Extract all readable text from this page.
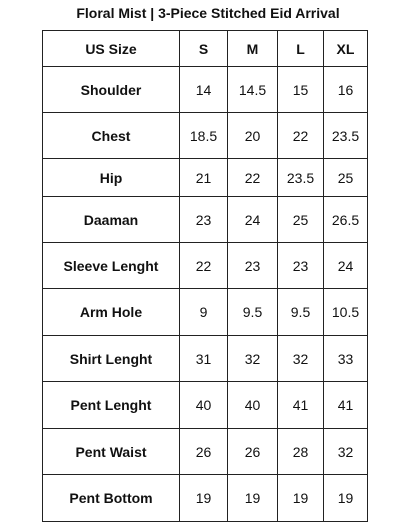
Floral Mist | 3-Piece Stitched Eid Arrival
US Size	S	M	L	XL
Shoulder	14	14.5	15	16
Chest	18.5	20	22	23.5
Hip	21	22	23.5	25
Daaman	23	24	25	26.5
Sleeve Lenght	22	23	23	24
Arm Hole	9	9.5	9.5	10.5
Shirt Lenght	31	32	32	33
Pent Lenght	40	40	41	41
Pent Waist	26	26	28	32
Pent Bottom	19	19	19	19
